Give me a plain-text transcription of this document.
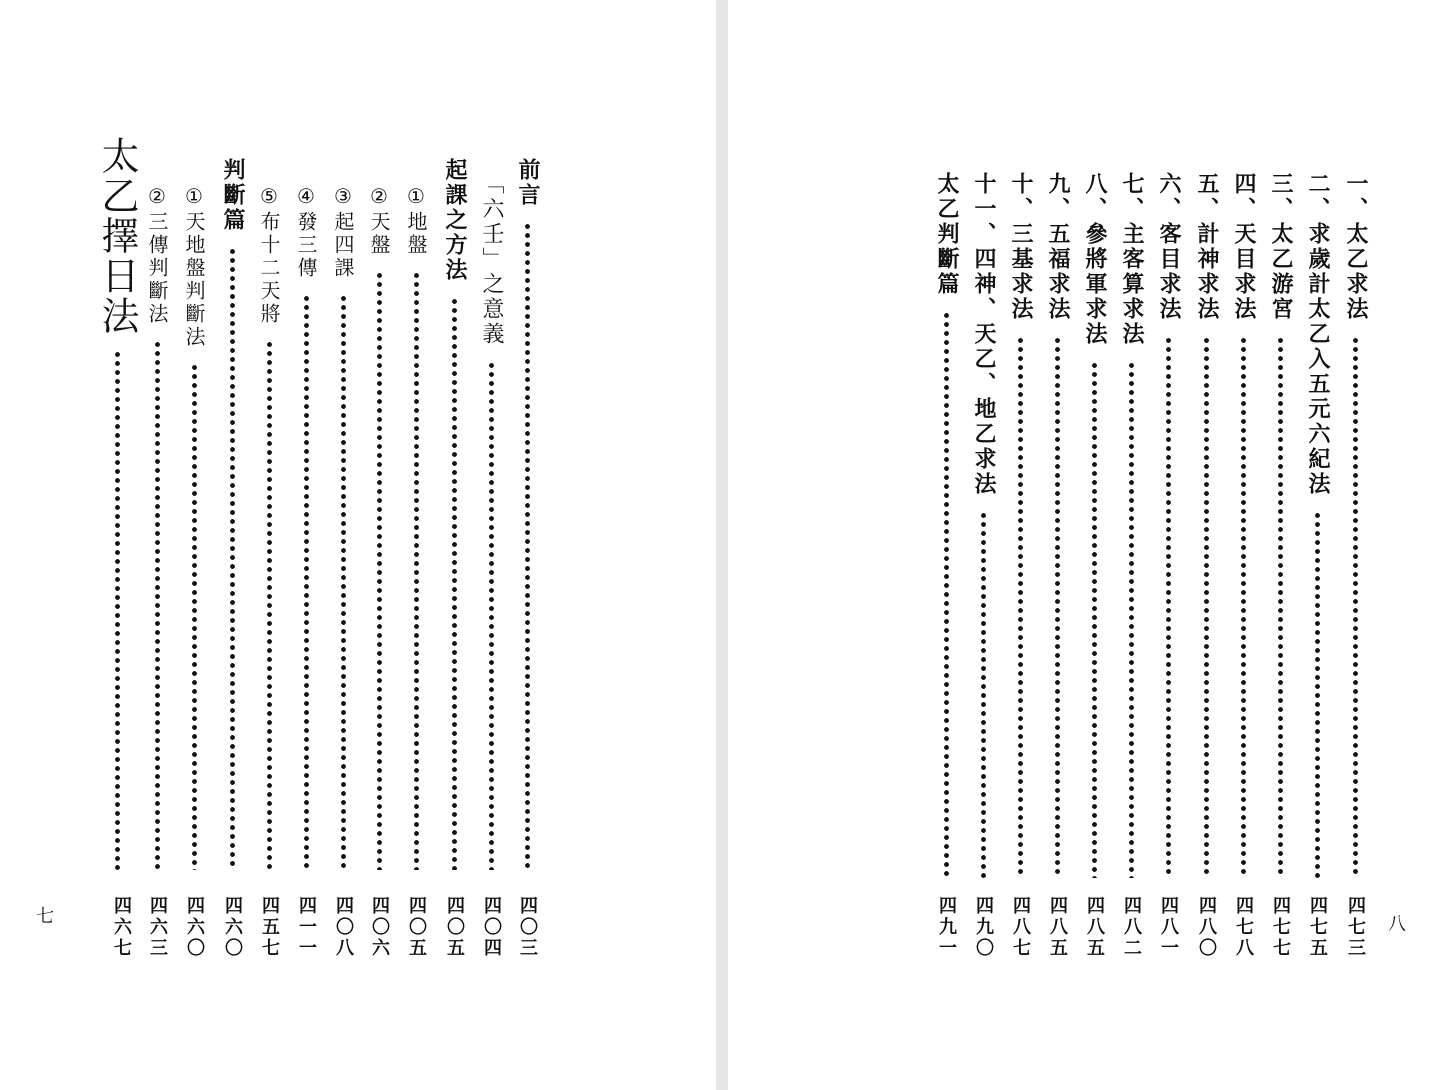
前言
四〇三
「六壬」之意義
四〇四
起課之方法
四〇五
①地盤
四〇五
②天盤
四〇六
③起四課
四〇八
④發三傳
四一一
⑤布十二天將
四五七
判斷篇
四六〇
①天地盤判斷法
四六〇
②三傳判斷法
四六三
太乙擇日法
四六七
七
一、太乙求法
四七三
二、求歲計太乙入五元六紀法
四七五
三、太乙游宮
四七七
四、天目求法
四七八
五、計神求法
四八〇
六、客目求法
四八一
七、主客算求法
四八二
八、參將軍求法
四八五
九、五福求法
四八五
十、三基求法
四八七
十一、四神、天乙、地乙求法
四九〇
太乙判斷篇
四九一	八
